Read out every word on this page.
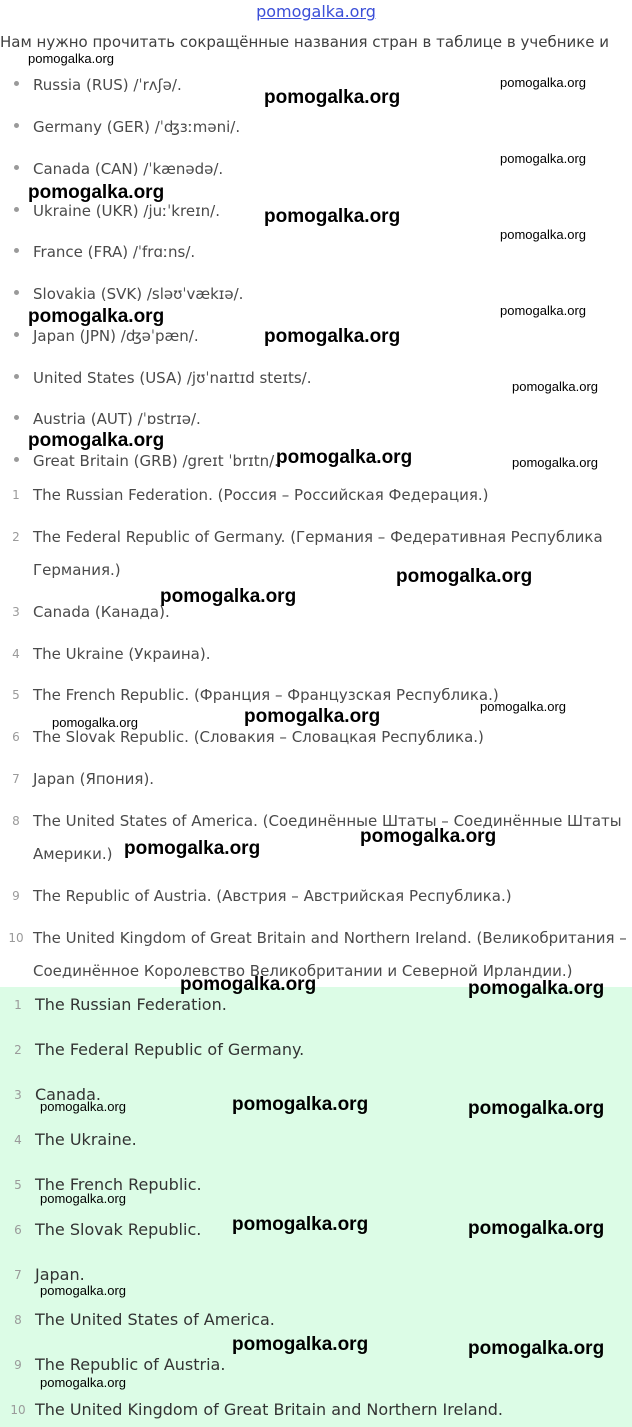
pomogalka.org
Нам нужно прочитать сокращённые названия стран в таблице в учебнике и
Russia (RUS) /ˈrʌʃə/.
Germany (GER) /ˈʤɜːməni/.
Canada (CAN) /ˈkænədə/.
Ukraine (UKR) /juːˈkreɪn/.
France (FRA) /ˈfrɑːns/.
Slovakia (SVK) /sləʊˈvækɪə/.
Japan (JPN) /ʤəˈpæn/.
United States (USA) /jʊˈnaɪtɪd steɪts/.
Austria (AUT) /ˈɒstrɪə/.
Great Britain (GRB) /greɪt ˈbrɪtn/.
1 The Russian Federation. (Россия – Российская Федерация.)
2 The Federal Republic of Germany. (Германия – Федеративная Республика
Германия.)
3 Canada (Канада).
4 The Ukraine (Украина).
5 The French Republic. (Франция – Французская Республика.)
6 The Slovak Republic. (Словакия – Словацкая Республика.)
7 Japan (Япония).
8 The United States of America. (Соединённые Штаты – Соединённые Штаты
Америки.)
9 The Republic of Austria. (Австрия – Австрийская Республика.)
10 The United Kingdom of Great Britain and Northern Ireland. (Великобритания –
Соединённое Королевство Великобритании и Северной Ирландии.)
1 The Russian Federation.
2 The Federal Republic of Germany.
3 Canada.
4 The Ukraine.
5 The French Republic.
6 The Slovak Republic.
7 Japan.
8 The United States of America.
9 The Republic of Austria.
10 The United Kingdom of Great Britain and Northern Ireland.
pomogalka.org
pomogalka.org
pomogalka.org
pomogalka.org
pomogalka.org
pomogalka.org
pomogalka.org
pomogalka.org
pomogalka.org
pomogalka.org
pomogalka.org
pomogalka.org
pomogalka.org	pomogalka.org
pomogalka.org
pomogalka.org
pomogalka.org
pomogalka.org
pomogalka.org
pomogalka.org
pomogalka.org
pomogalka.org	pomogalka.org
pomogalka.org	pomogalka.org	pomogalka.org
pomogalka.org
pomogalka.org	pomogalka.org
pomogalka.org
pomogalka.org	pomogalka.org
pomogalka.org
